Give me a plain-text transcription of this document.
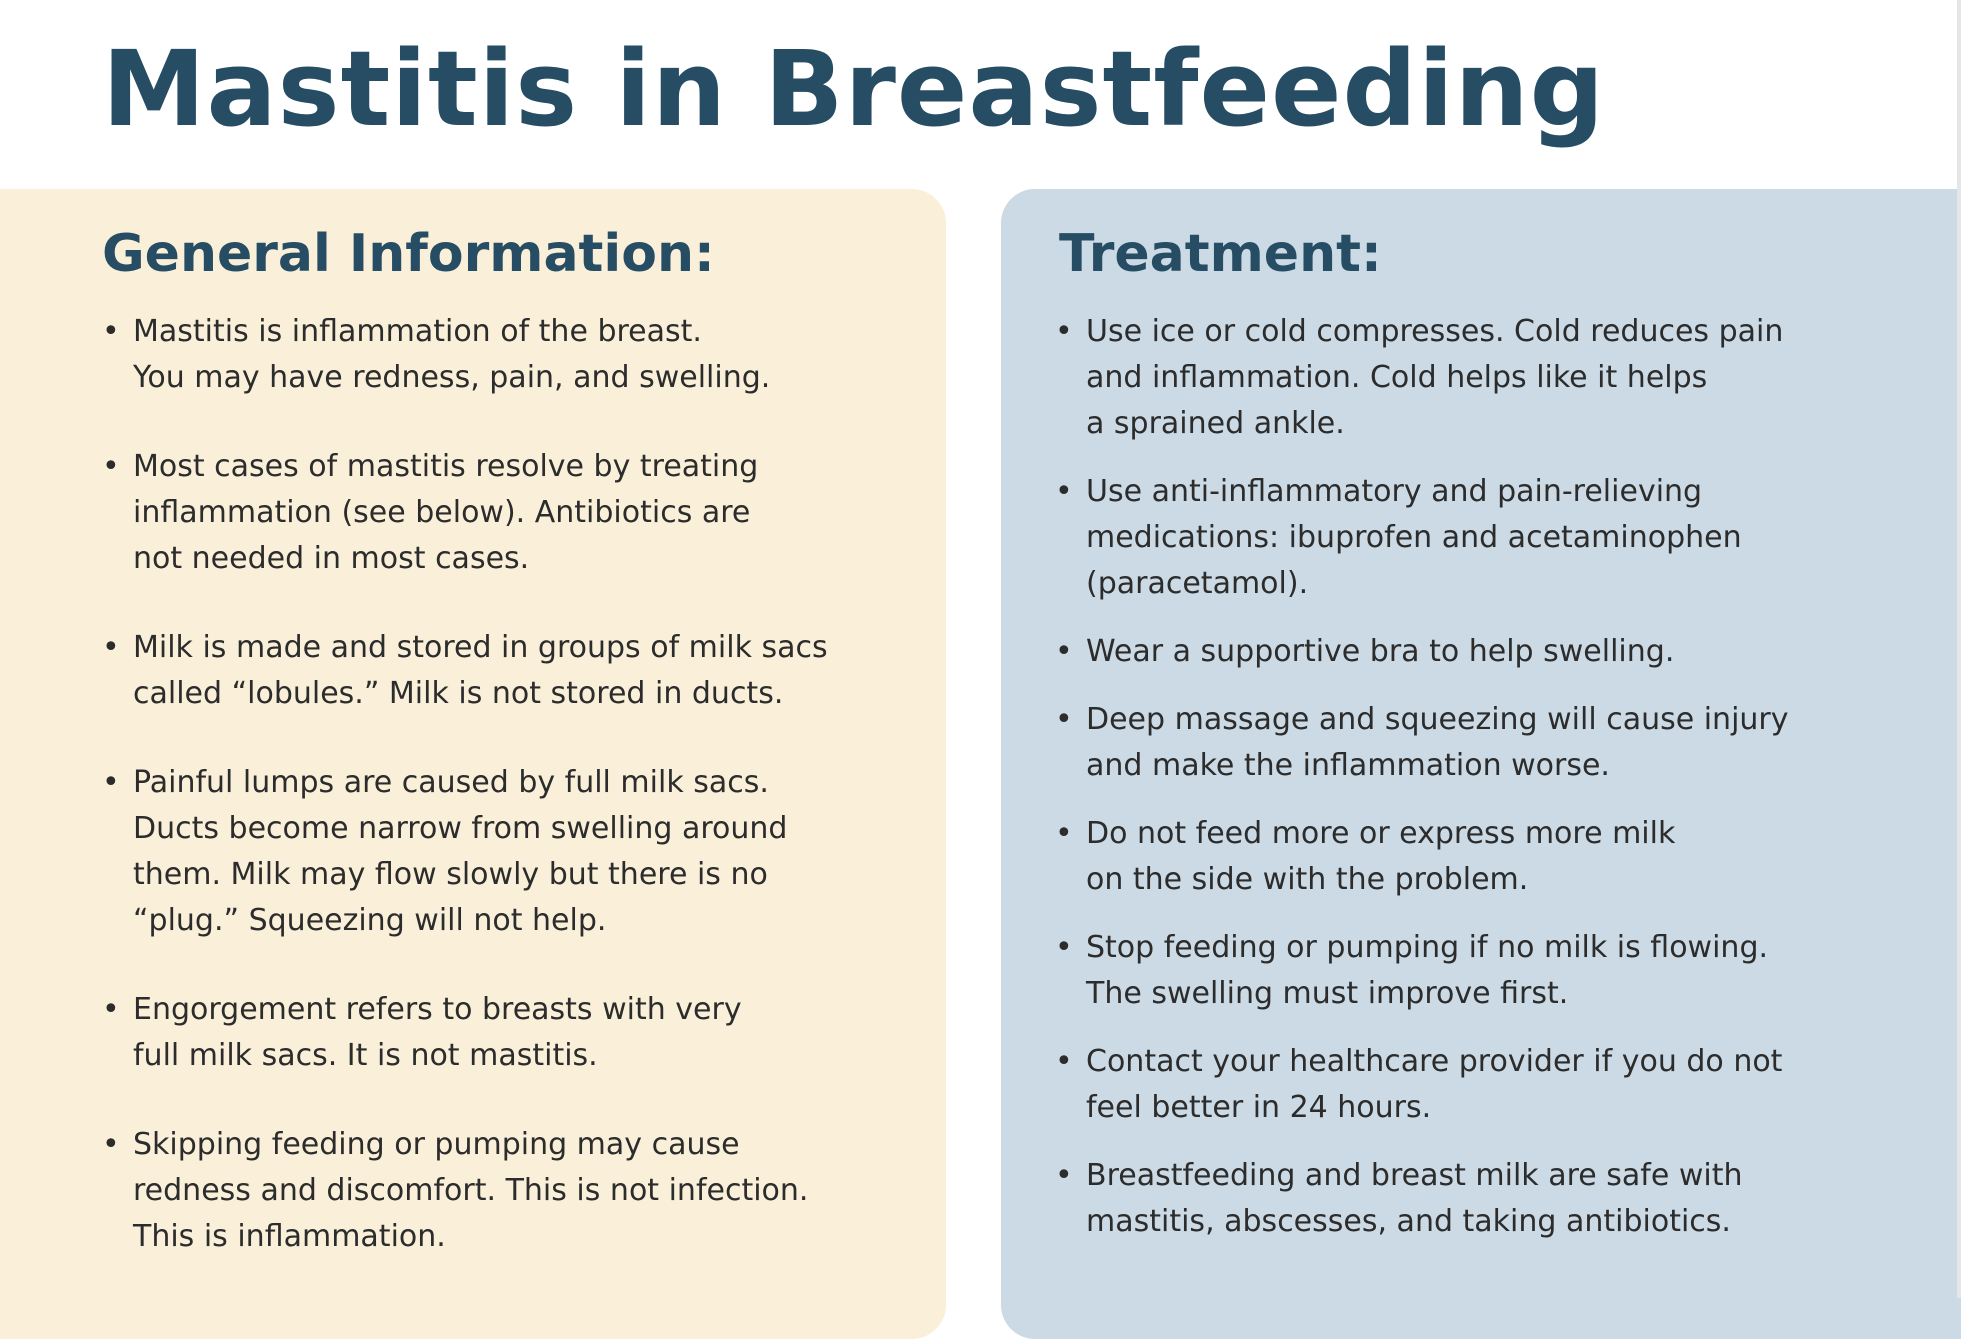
Mastitis in Breastfeeding
General Information:
• Mastitis is inflammation of the breast.
You may have redness, pain, and swelling.
• Most cases of mastitis resolve by treating
inflammation (see below). Antibiotics are
not needed in most cases.
• Milk is made and stored in groups of milk sacs
called “lobules.” Milk is not stored in ducts.
• Painful lumps are caused by full milk sacs.
Ducts become narrow from swelling around
them. Milk may flow slowly but there is no
“plug.” Squeezing will not help.
• Engorgement refers to breasts with very
full milk sacs. It is not mastitis.
• Skipping feeding or pumping may cause
redness and discomfort. This is not infection.
This is inflammation.
Treatment:
• Use ice or cold compresses. Cold reduces pain
and inflammation. Cold helps like it helps
a sprained ankle.
• Use anti-inflammatory and pain-relieving
medications: ibuprofen and acetaminophen
(paracetamol).
• Wear a supportive bra to help swelling.
• Deep massage and squeezing will cause injury
and make the inflammation worse.
• Do not feed more or express more milk
on the side with the problem.
• Stop feeding or pumping if no milk is flowing.
The swelling must improve first.
• Contact your healthcare provider if you do not
feel better in 24 hours.
• Breastfeeding and breast milk are safe with
mastitis, abscesses, and taking antibiotics.
